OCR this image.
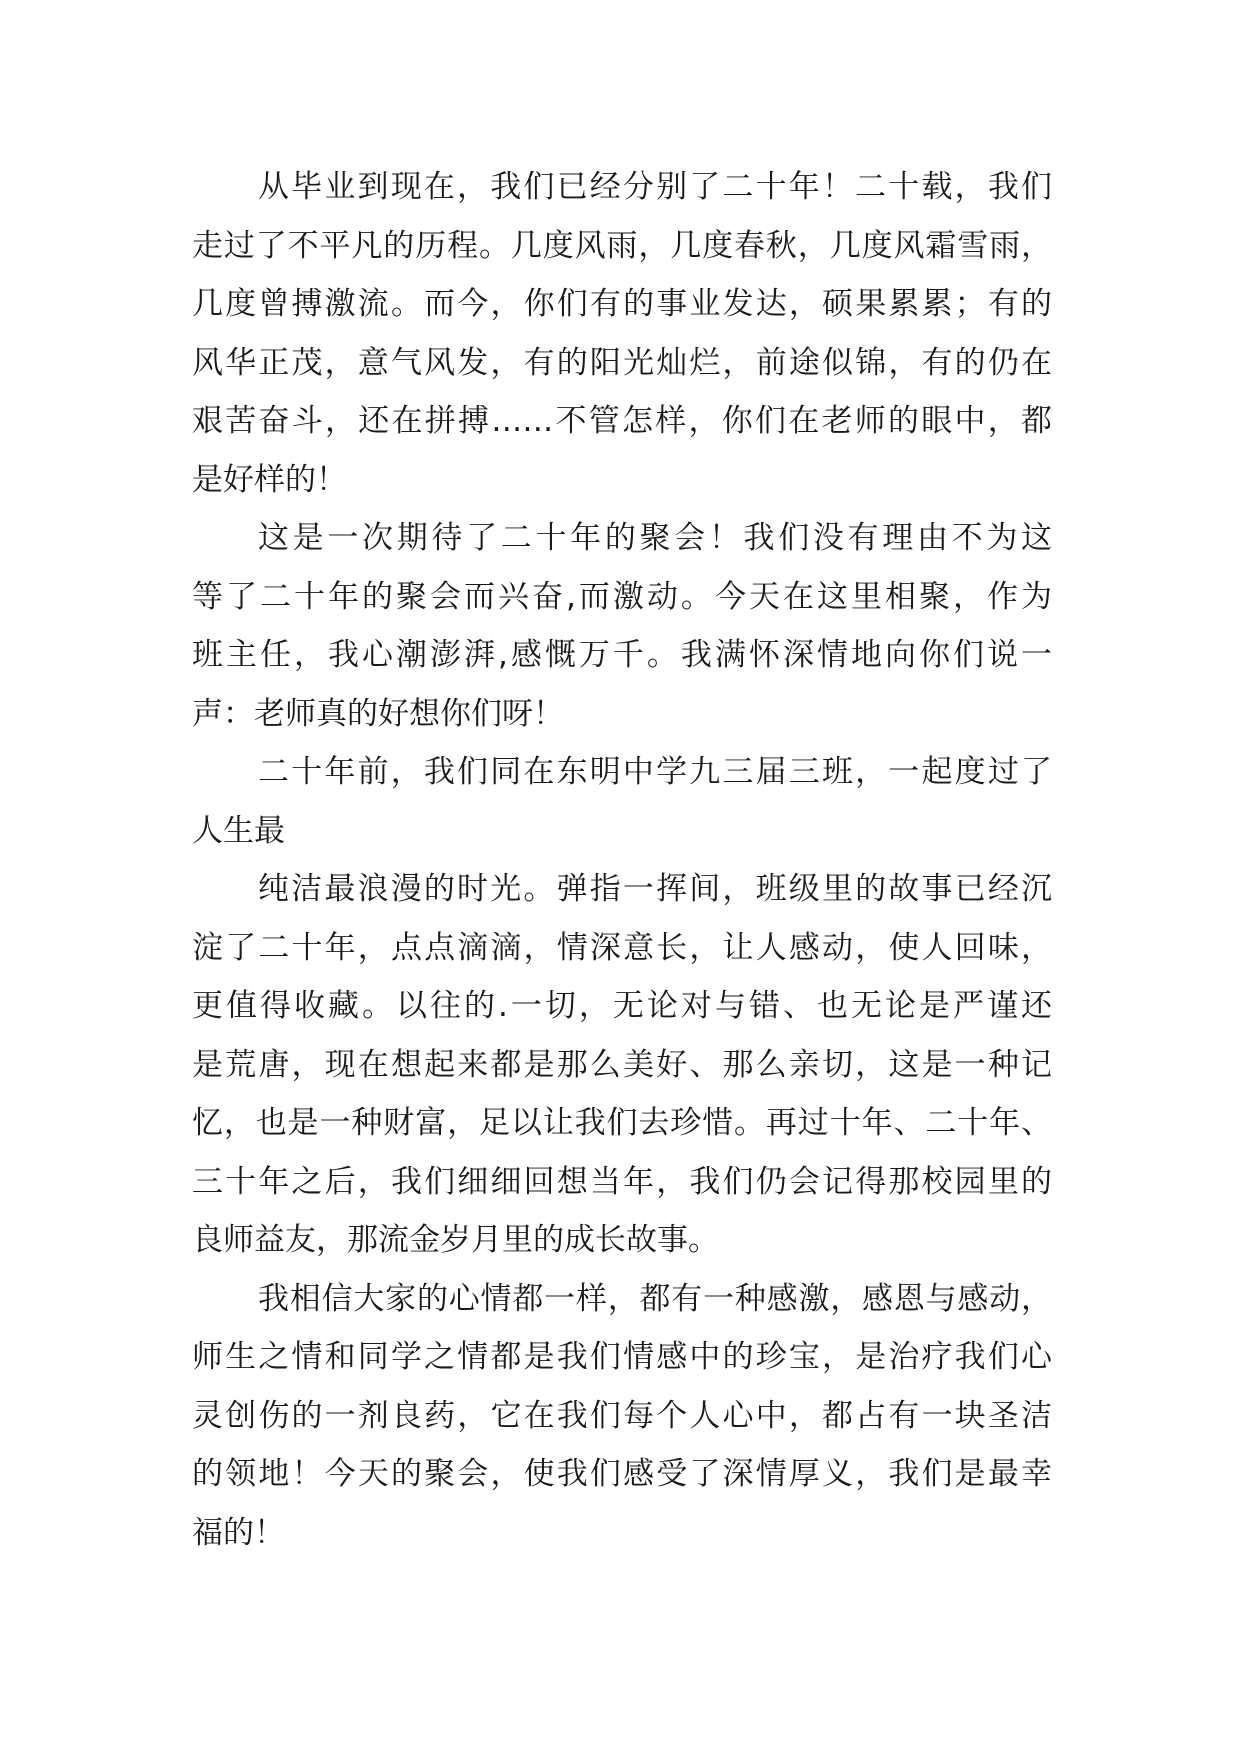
从毕业到现在，我们已经分别了二十年！二十载，我们
走过了不平凡的历程。几度风雨，几度春秋，几度风霜雪雨，
几度曾搏激流。而今，你们有的事业发达，硕果累累；有的
风华正茂，意气风发，有的阳光灿烂，前途似锦，有的仍在
艰苦奋斗，还在拼搏……不管怎样，你们在老师的眼中，都
是好样的！
这是一次期待了二十年的聚会！我们没有理由不为这
等了二十年的聚会而兴奋,而激动。今天在这里相聚，作为
班主任，我心潮澎湃,感慨万千。我满怀深情地向你们说一
声：老师真的好想你们呀！
二十年前，我们同在东明中学九三届三班，一起度过了
人生最
纯洁最浪漫的时光。弹指一挥间，班级里的故事已经沉
淀了二十年，点点滴滴，情深意长，让人感动，使人回味，
更值得收藏。以往的.一切，无论对与错、也无论是严谨还
是荒唐，现在想起来都是那么美好、那么亲切，这是一种记
忆，也是一种财富，足以让我们去珍惜。再过十年、二十年、
三十年之后，我们细细回想当年，我们仍会记得那校园里的
良师益友，那流金岁月里的成长故事。
我相信大家的心情都一样，都有一种感激，感恩与感动，
师生之情和同学之情都是我们情感中的珍宝，是治疗我们心
灵创伤的一剂良药，它在我们每个人心中，都占有一块圣洁
的领地！今天的聚会，使我们感受了深情厚义，我们是最幸
福的！
